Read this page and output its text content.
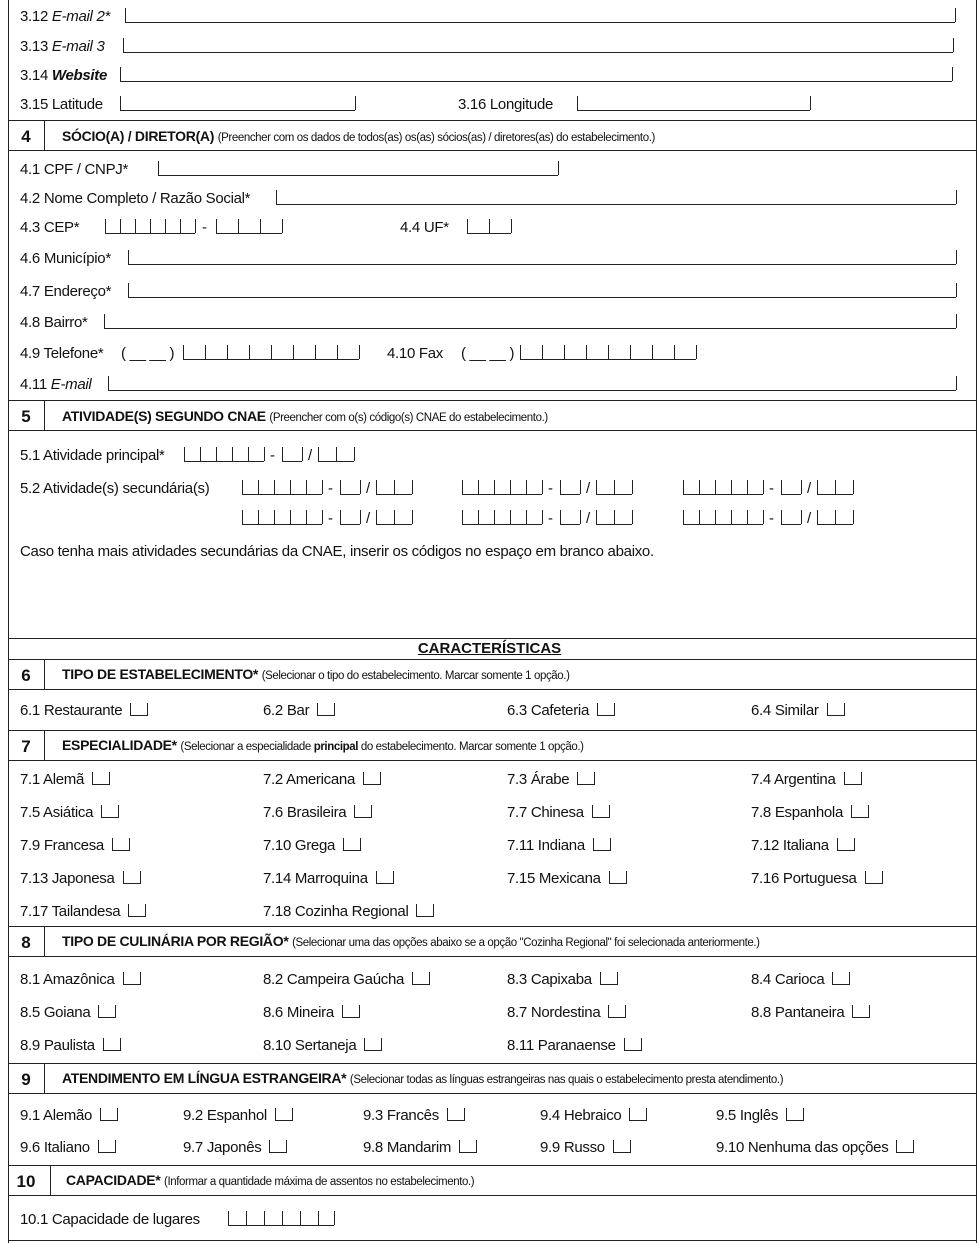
3.12 E-mail 2*
3.13 E-mail 3
3.14 Website
3.15 Latitude	3.16 Longitude
4	SÓCIO(A) / DIRETOR(A) (Preencher com os dados de todos(as) os(as) sócios(as) / diretores(as) do estabelecimento.)
4.1 CPF / CNPJ*
4.2 Nome Completo / Razão Social*
4.3 CEP*	-	4.4 UF*
4.6 Município*
4.7 Endereço*
4.8 Bairro*
4.9 Telefone* ( __ __ )	4.10 Fax ( __ __ )
4.11 E-mail
5	ATIVIDADE(S) SEGUNDO CNAE (Preencher com o(s) código(s) CNAE do estabelecimento.)
5.1 Atividade principal*
5.2 Atividade(s) secundária(s)
Caso tenha mais atividades secundárias da CNAE, inserir os códigos no espaço em branco abaixo.
CARACTERÍSTICAS
6	TIPO DE ESTABELECIMENTO* (Selecionar o tipo do estabelecimento. Marcar somente 1 opção.)
7	ESPECIALIDADE* (Selecionar a especialidade principal do estabelecimento. Marcar somente 1 opção.)
8	TIPO DE CULINÁRIA POR REGIÃO* (Selecionar uma das opções abaixo se a opção "Cozinha Regional" foi selecionada anteriormente.)
9	ATENDIMENTO EM LÍNGUA ESTRANGEIRA* (Selecionar todas as línguas estrangeiras nas quais o estabelecimento presta atendimento.)
10	CAPACIDADE* (Informar a quantidade máxima de assentos no estabelecimento.)
10.1 Capacidade de lugares
- /
- /	- /	- /
- /	- /	- /
6.1 Restaurante	6.2 Bar	6.3 Cafeteria	6.4 Similar
7.1 Alemã	7.2 Americana	7.3 Árabe	7.4 Argentina
7.5 Asiática	7.6 Brasileira	7.7 Chinesa	7.8 Espanhola
7.9 Francesa	7.10 Grega	7.11 Indiana	7.12 Italiana
7.13 Japonesa	7.14 Marroquina	7.15 Mexicana	7.16 Portuguesa
7.17 Tailandesa	7.18 Cozinha Regional
8.1 Amazônica	8.2 Campeira Gaúcha	8.3 Capixaba	8.4 Carioca
8.5 Goiana	8.6 Mineira	8.7 Nordestina	8.8 Pantaneira
8.9 Paulista	8.10 Sertaneja	8.11 Paranaense
9.1 Alemão	9.2 Espanhol	9.3 Francês	9.4 Hebraico	9.5 Inglês
9.6 Italiano	9.7 Japonês	9.8 Mandarim	9.9 Russo	9.10 Nenhuma das opções
